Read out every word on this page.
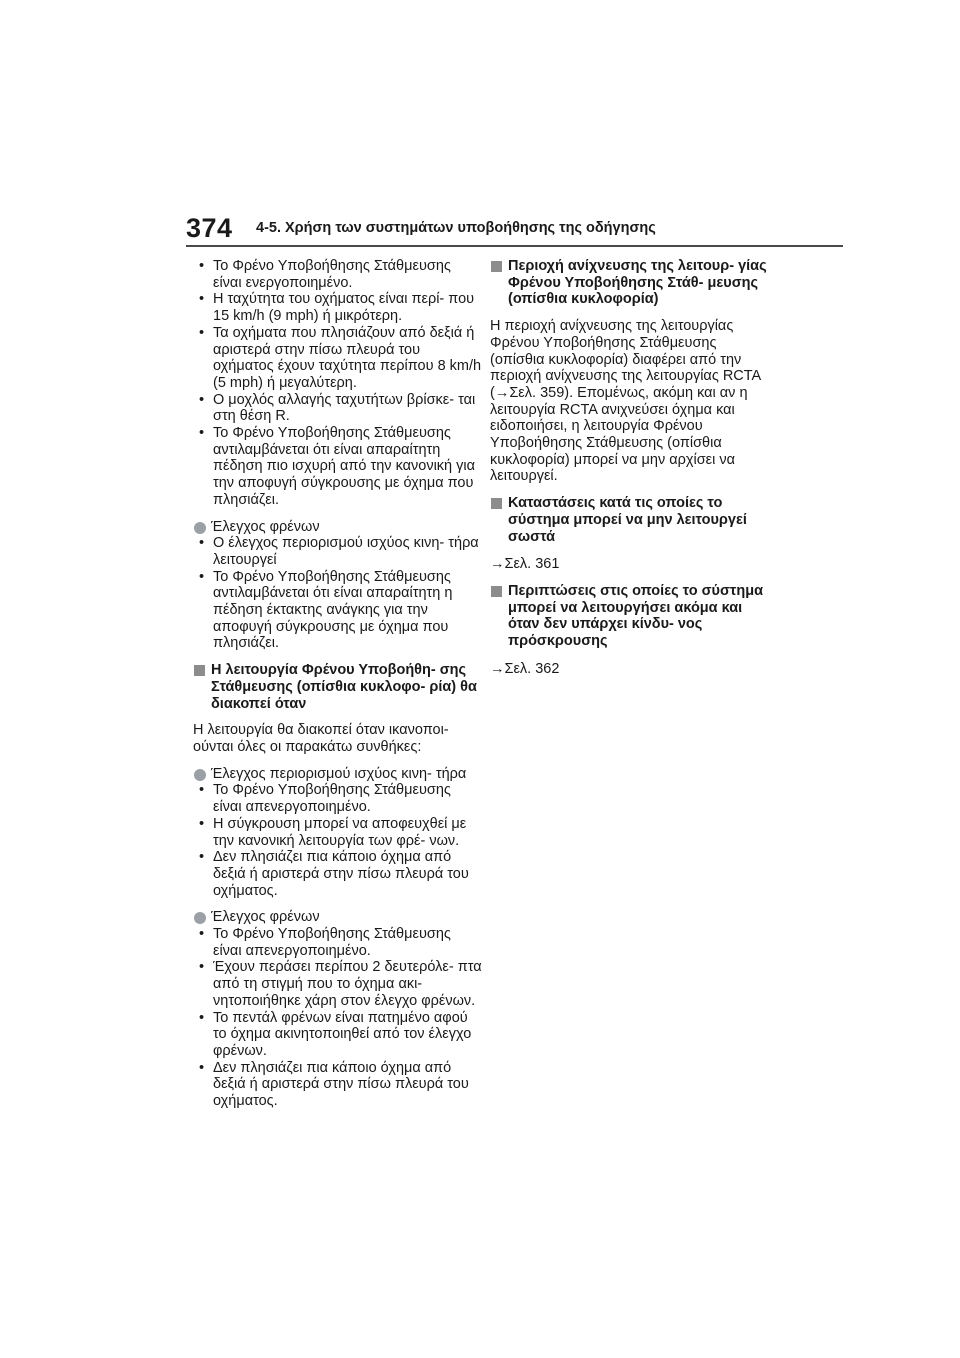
374 4-5. Χρήση των συστημάτων υποβοήθησης της οδήγησης
• Το Φρένο Υποβοήθησης Στάθμευσης είναι ενεργοποιημένο.
• Η ταχύτητα του οχήματος είναι περί- που 15 km/h (9 mph) ή μικρότερη.
• Τα οχήματα που πλησιάζουν από δεξιά ή αριστερά στην πίσω πλευρά του οχήματος έχουν ταχύτητα περίπου 8 km/h (5 mph) ή μεγαλύτερη.
• Ο μοχλός αλλαγής ταχυτήτων βρίσκε- ται στη θέση R.
• Το Φρένο Υποβοήθησης Στάθμευσης αντιλαμβάνεται ότι είναι απαραίτητη πέδηση πιο ισχυρή από την κανονική για την αποφυγή σύγκρουσης με όχημα που πλησιάζει.
Έλεγχος φρένων
• Ο έλεγχος περιορισμού ισχύος κινη- τήρα λειτουργεί
• Το Φρένο Υποβοήθησης Στάθμευσης αντιλαμβάνεται ότι είναι απαραίτητη η πέδηση έκτακτης ανάγκης για την αποφυγή σύγκρουσης με όχημα που πλησιάζει.
Η λειτουργία Φρένου Υποβοήθη- σης Στάθμευσης (οπίσθια κυκλοφο- ρία) θα διακοπεί όταν
Η λειτουργία θα διακοπεί όταν ικανοποι- ούνται όλες οι παρακάτω συνθήκες:
Έλεγχος περιορισμού ισχύος κινη- τήρα
• Το Φρένο Υποβοήθησης Στάθμευσης είναι απενεργοποιημένο.
• Η σύγκρουση μπορεί να αποφευχθεί με την κανονική λειτουργία των φρέ- νων.
• Δεν πλησιάζει πια κάποιο όχημα από δεξιά ή αριστερά στην πίσω πλευρά του οχήματος.
Έλεγχος φρένων
• Το Φρένο Υποβοήθησης Στάθμευσης είναι απενεργοποιημένο.
• Έχουν περάσει περίπου 2 δευτερόλε- πτα από τη στιγμή που το όχημα ακι- νητοποιήθηκε χάρη στον έλεγχο φρένων.
• Το πεντάλ φρένων είναι πατημένο αφού το όχημα ακινητοποιηθεί από τον έλεγχο φρένων.
• Δεν πλησιάζει πια κάποιο όχημα από δεξιά ή αριστερά στην πίσω πλευρά του οχήματος.
Περιοχή ανίχνευσης της λειτουρ- γίας Φρένου Υποβοήθησης Στάθ- μευσης (οπίσθια κυκλοφορία)
Η περιοχή ανίχνευσης της λειτουργίας Φρένου Υποβοήθησης Στάθμευσης (οπίσθια κυκλοφορία) διαφέρει από την περιοχή ανίχνευσης της λειτουργίας RCTA (→Σελ. 359). Επομένως, ακόμη και αν η λειτουργία RCTA ανιχνεύσει όχημα και ειδοποιήσει, η λειτουργία Φρένου Υποβοήθησης Στάθμευσης (οπίσθια κυκλοφορία) μπορεί να μην αρχίσει να λειτουργεί.
Καταστάσεις κατά τις οποίες το σύστημα μπορεί να μην λειτουργεί σωστά
→Σελ. 361
Περιπτώσεις στις οποίες το σύστημα μπορεί να λειτουργήσει ακόμα και όταν δεν υπάρχει κίνδυ- νος πρόσκρουσης
→Σελ. 362
